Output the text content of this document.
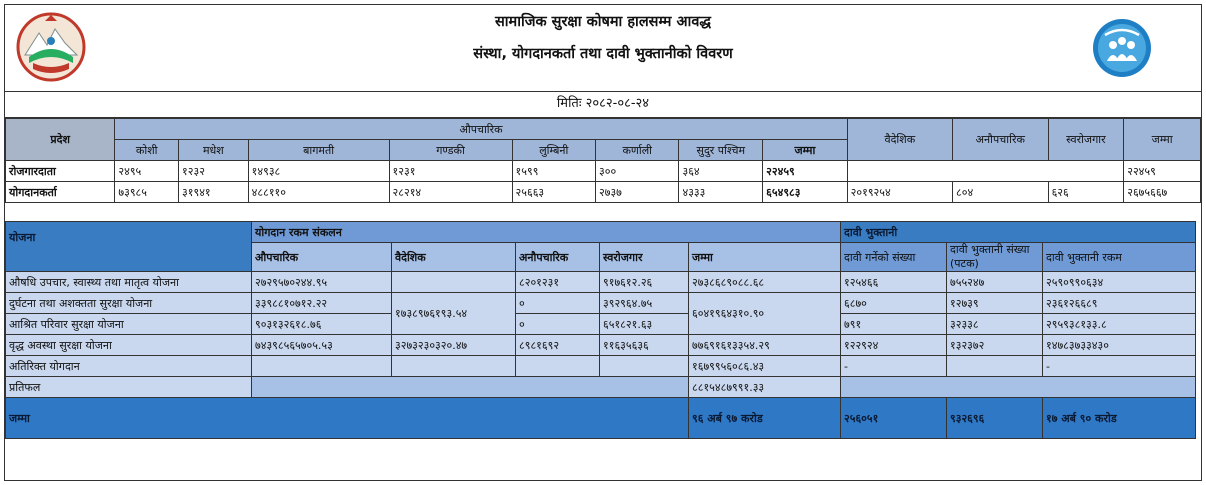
सामाजिक सुरक्षा कोषमा हालसम्म आवद्ध
संस्था, योगदानकर्ता तथा दावी भुक्तानीको विवरण
मितिः २०८२-०८-२४
प्रदेश	औपचारिक								वैदेशिक	अनौपचारिक	स्वरोजगार	जम्मा
	कोशी	मधेश	बागमती	गण्डकी	लुम्बिनी	कर्णाली	सुदुर पश्चिम	जम्मा				
रोजगारदाता	२४९५	१२३२	१४९३८	१२३१	१५९९	३००	३६४	२२४५९				२२४५९
योगदानकर्ता	७३९८५	३१९४१	४८८११०	२८२१४	२५६६३	२७३७	४३३३	६५४९८३	२०१९२५४	८०४	६२६	२६७५६६७
योजना	योगदान रकम संकलन					दावी भुक्तानी		
	औपचारिक	वैदेशिक	अनौपचारिक	स्वरोजगार	जम्मा	दावी गर्नेको संख्या	दावी भुक्तानी संख्या (पटक)	दावी भुक्तानी रकम

औषधि उपचार, स्वास्थ्य तथा मातृत्व योजना	२७२९५७०२४४.९५		८२०१२३१	९१७६१२.२६	२७३८६८९०८८.६८	१२५४६६	७५५२४७	२५९०९९०६३४
दुर्घटना तथा अशक्तता सुरक्षा योजना	३३९८८१०७१२.२२	१७३८९७६१९३.५४	०	३९२९६४.७५	६०४१९६४३१०.९०	६८७०	१२७३९	२३६१२६६८९
आश्रित परिवार सुरक्षा योजना	९०३१३२६१८.७६		०	६५१८२१.६३		७९१	३२३३८	२९५९३८१३३.८
वृद्ध अवस्था सुरक्षा योजना	७४३९८५६५७०५.५३	३२७३२३०३२०.४७	८९८१६९२	११६३५६३६	७७६९१६१३३५४.२९	१२२९२४	१३२३७२	१४७८३७३३४३०
अतिरिक्त योगदान					१६७९९५६०८६.४३	-		-
प्रतिफल					८८१५४८७९९१.३३			
जम्मा					९६ अर्ब ९७ करोड	२५६०५१	९३२६९६	१७ अर्ब ९० करोड
